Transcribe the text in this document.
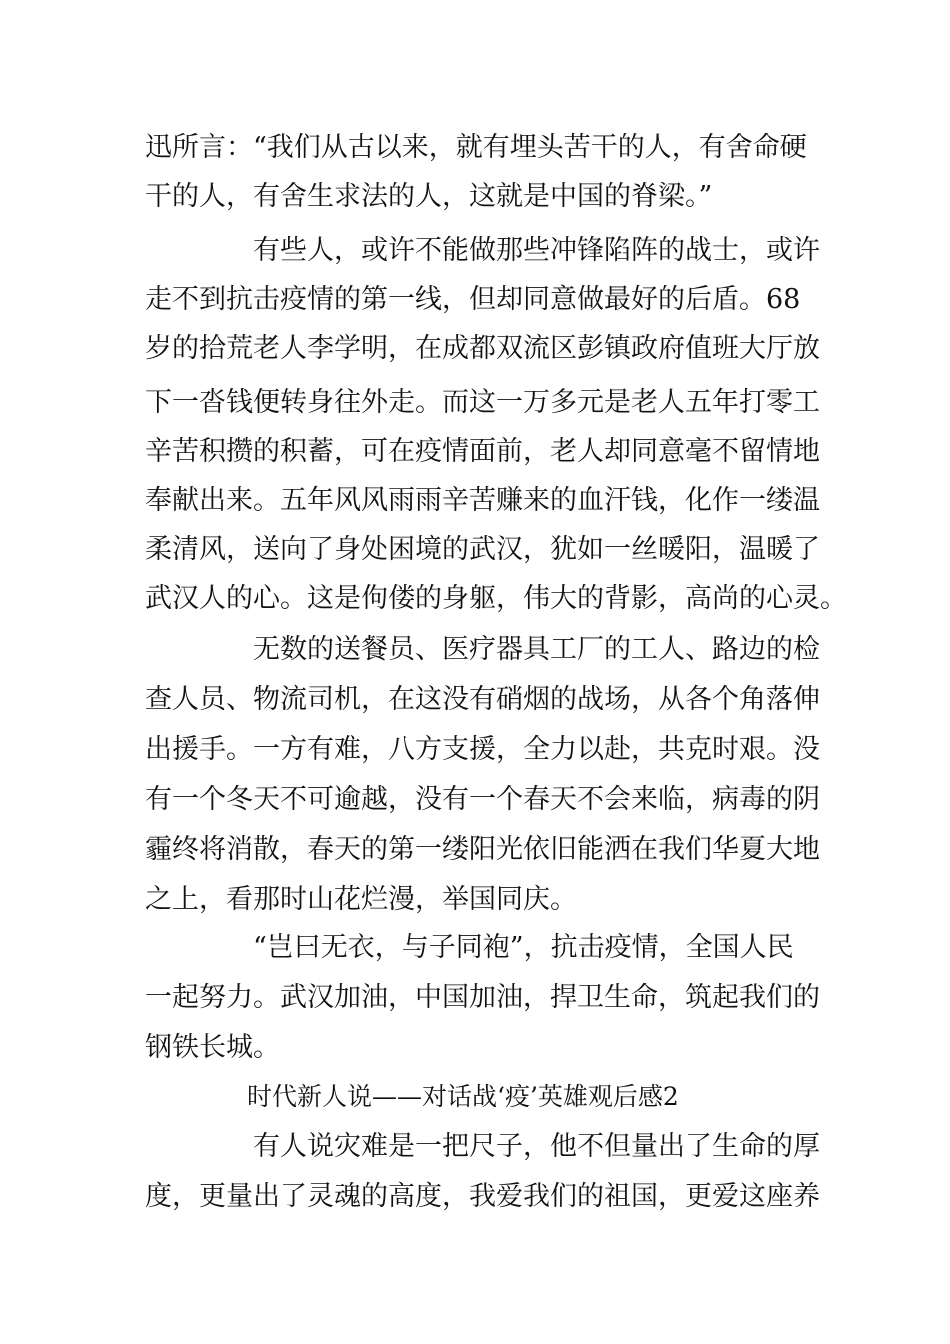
迅所言：“我们从古以来，就有埋头苦干的人，有舍命硬
干的人，有舍生求法的人，这就是中国的脊梁。”
有些人，或许不能做那些冲锋陷阵的战士，或许
走不到抗击疫情的第一线，但却同意做最好的后盾。68
岁的拾荒老人李学明，在成都双流区彭镇政府值班大厅放
下一沓钱便转身往外走。而这一万多元是老人五年打零工
辛苦积攒的积蓄，可在疫情面前，老人却同意毫不留情地
奉献出来。五年风风雨雨辛苦赚来的血汗钱，化作一缕温
柔清风，送向了身处困境的武汉，犹如一丝暖阳，温暖了
武汉人的心。这是佝偻的身躯，伟大的背影，高尚的心灵。
无数的送餐员、医疗器具工厂的工人、路边的检
查人员、物流司机，在这没有硝烟的战场，从各个角落伸
出援手。一方有难，八方支援，全力以赴，共克时艰。没
有一个冬天不可逾越，没有一个春天不会来临，病毒的阴
霾终将消散，春天的第一缕阳光依旧能洒在我们华夏大地
之上，看那时山花烂漫，举国同庆。
“岂曰无衣，与子同袍”，抗击疫情，全国人民
一起努力。武汉加油，中国加油，捍卫生命，筑起我们的
钢铁长城。
时代新人说——对话战‘疫’英雄观后感2
有人说灾难是一把尺子，他不但量出了生命的厚
度，更量出了灵魂的高度，我爱我们的祖国，更爱这座养
